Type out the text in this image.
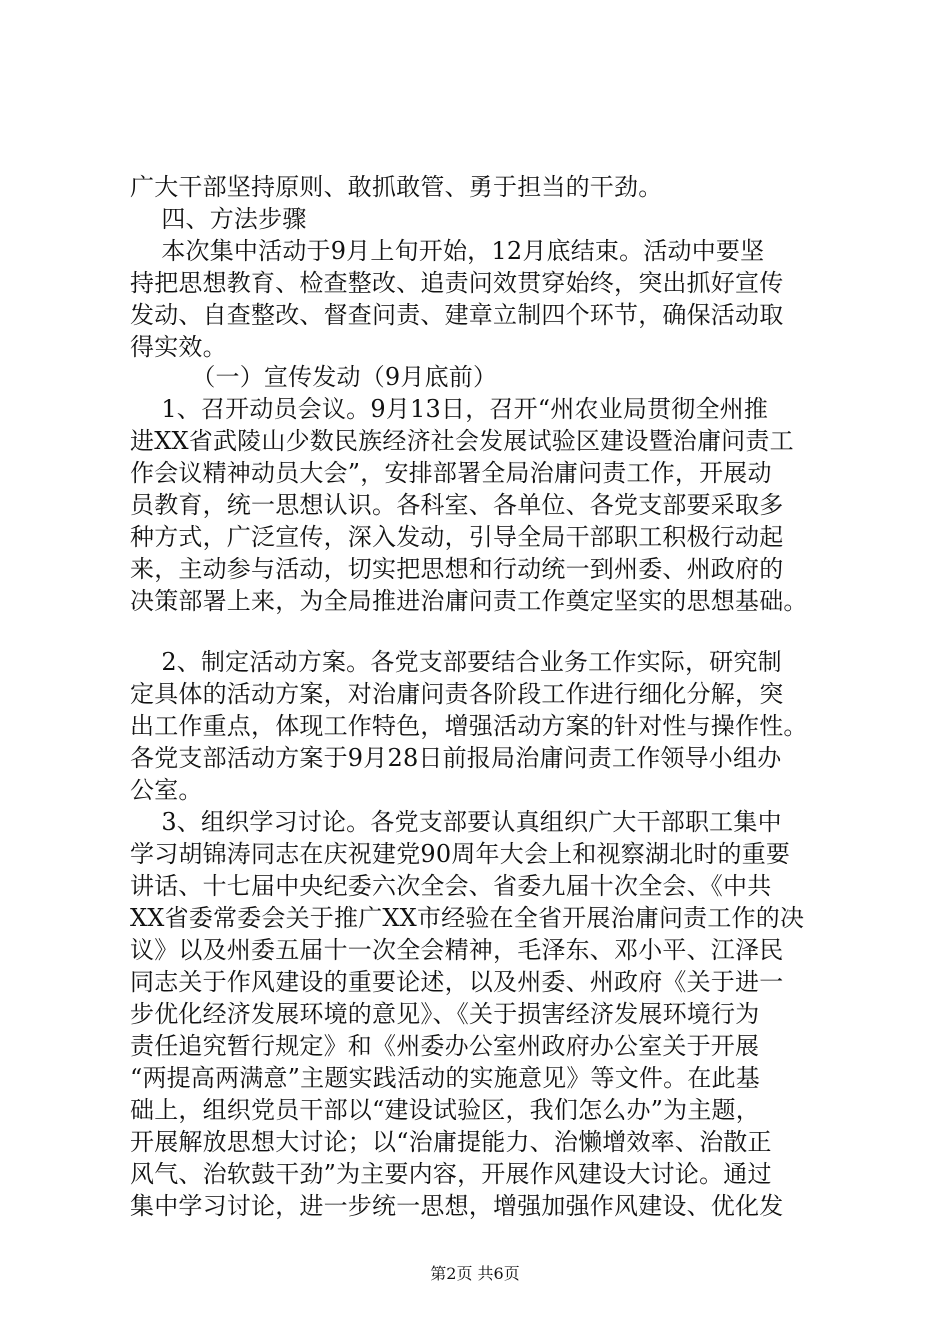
广大干部坚持原则、敢抓敢管、勇于担当的干劲。
四、方法步骤
本次集中活动于9月上旬开始，12月底结束。活动中要坚
持把思想教育、检查整改、追责问效贯穿始终，突出抓好宣传
发动、自查整改、督查问责、建章立制四个环节，确保活动取
得实效。
（一）宣传发动（9月底前）
1、召开动员会议。9月13日，召开“州农业局贯彻全州推
进XX省武陵山少数民族经济社会发展试验区建设暨治庸问责工
作会议精神动员大会”，安排部署全局治庸问责工作，开展动
员教育，统一思想认识。各科室、各单位、各党支部要采取多
种方式，广泛宣传，深入发动，引导全局干部职工积极行动起
来，主动参与活动，切实把思想和行动统一到州委、州政府的
决策部署上来，为全局推进治庸问责工作奠定坚实的思想基础。
2、制定活动方案。各党支部要结合业务工作实际，研究制
定具体的活动方案，对治庸问责各阶段工作进行细化分解，突
出工作重点，体现工作特色，增强活动方案的针对性与操作性。
各党支部活动方案于9月28日前报局治庸问责工作领导小组办
公室。
3、组织学习讨论。各党支部要认真组织广大干部职工集中
学习胡锦涛同志在庆祝建党90周年大会上和视察湖北时的重要
讲话、十七届中央纪委六次全会、省委九届十次全会、《中共
XX省委常委会关于推广XX市经验在全省开展治庸问责工作的决
议》以及州委五届十一次全会精神，毛泽东、邓小平、江泽民
同志关于作风建设的重要论述，以及州委、州政府《关于进一
步优化经济发展环境的意见》、《关于损害经济发展环境行为
责任追究暂行规定》和《州委办公室州政府办公室关于开展
“两提高两满意”主题实践活动的实施意见》等文件。在此基
础上，组织党员干部以“建设试验区，我们怎么办”为主题，
开展解放思想大讨论；以“治庸提能力、治懒增效率、治散正
风气、治软鼓干劲”为主要内容，开展作风建设大讨论。通过
集中学习讨论，进一步统一思想，增强加强作风建设、优化发
第2页 共6页
